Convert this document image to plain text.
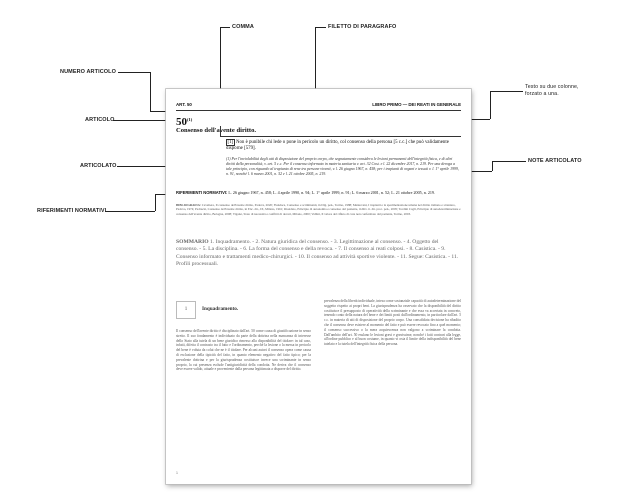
COMMA	FILETTO DI PARAGRAFO
NUMERO ARTICOLO
ARTICOLO
ARTICOLATO
RIFERIMENTI NORMATIVI
NOTE ARTICOLATO
Testo su due colonne, forzato a una.
ART. 50	LIBRO PRIMO — DEI REATI IN GENERALE
50$^{(1)}$
Consenso dell'avente diritto.
[1] Non è punibile chi lede o pone in pericolo un diritto, col consenso della persona [5 c.c.] che può validamente disporne [579].
(1) Per l'inviolabilità degli atti di disposizione del proprio corpo, che segnatamente considera le lesioni permanenti dell'integrità fisica, e di altri diritti della personalità, v. art. 5 c.c. Per il consenso informato in materia sanitaria v. art. 32 Cost. e l. 22 dicembre 2017, n. 219. Per una deroga a tale principio, con riguardo al trapianto di rene tra persone viventi, v. l. 26 giugno 1967, n. 458; per i trapianti di organi e tessuti v. l. 1° aprile 1999, n. 91, nonché l. 6 marzo 2001, n. 52 e l. 21 ottobre 2005, n. 219.
RIFERIMENTI NORMATIVI: L. 26 giugno 1967, n. 458; L. 4 aprile 1990, n. 94; L. 1° aprile 1999, n. 91; L. 6 marzo 2001, n. 52; L. 21 ottobre 2005, n. 219.
BIBLIOGRAFIA: Cavaliere, Il consenso dell'avente diritto, Padova, 2020; Fiandaca, Consenso e scriminanti, in Dig. pen., Torino, 1988; Mantovani, I trapianti e la sperimentazione umana nel diritto italiano e straniero, Padova, 1974; Pedrazzi, Consenso dell'avente diritto, in Enc. dir., IX, Milano, 1961; Riondato, Principio di autonomia e consenso del paziente, in Riv. it. dir. proc. pen., 2005; Tordini Cagli, Principio di autodeterminazione e consenso dell'avente diritto, Bologna, 2008; Viganò, Stato di necessità e conflitti di doveri, Milano, 2000; Vallini, Il valore del rifiuto di cure non confermato dal paziente, Torino, 2003.
SOMMARIO 1. Inquadramento. - 2. Natura giuridica del consenso. - 3. Legittimazione al consenso. - 4. Oggetto del consenso. - 5. La disciplina. - 6. La forma del consenso e della revoca. - 7. Il consenso ai reati colposi. - 8. Casistica. - 9. Consenso informato e trattamenti medico-chirurgici. - 10. Il consenso ad attività sportive violente. - 11. Segue: Casistica. - 11. Profili processuali.
1	Inquadramento.
Il consenso dell'avente diritto è disciplinato dall'art. 50 come causa di giustificazione in senso stretto. Il suo fondamento è individuato da parte della dottrina nella mancanza di interesse dello Stato alla tutela di un bene giuridico rimesso alla disponibilità del titolare: in tal caso, infatti, difetta il contrasto tra il fatto e l'ordinamento, perché la lesione o la messa in pericolo del bene è voluta da colui che ne è il titolare. Per alcuni autori il consenso opera come causa di esclusione della tipicità del fatto, in quanto elemento negativo del fatto tipico; per la prevalente dottrina e per la giurisprudenza costituisce invece una scriminante in senso proprio, la cui presenza esclude l'antigiuridicità della condotta. Ne deriva che il consenso deve essere valido, attuale e proveniente dalla persona legittimata a disporre del diritto.
prevalenza della libertà individuale, intesa come sostanziale capacità di autodeterminazione del soggetto rispetto ai propri beni. La giurisprudenza ha osservato che la disponibilità del diritto costituisce il presupposto di operatività della scriminante e che essa va accertata in concreto, tenendo conto della natura del bene e dei limiti posti dall'ordinamento, in particolare dall'art. 5 c.c. in materia di atti di disposizione del proprio corpo. Una consolidata decisione ha ribadito che il consenso deve esistere al momento del fatto e può essere revocato fino a quel momento; il consenso successivo o la mera acquiescenza non valgono a scriminare la condotta. Dall'ambito dell'art. 50 esulano le lesioni gravi e gravissime, nonché i fatti contrari alla legge, all'ordine pubblico e al buon costume, in quanto vi osta il limite della indisponibilità del bene tutelato e la tutela dell'integrità fisica della persona.
1
